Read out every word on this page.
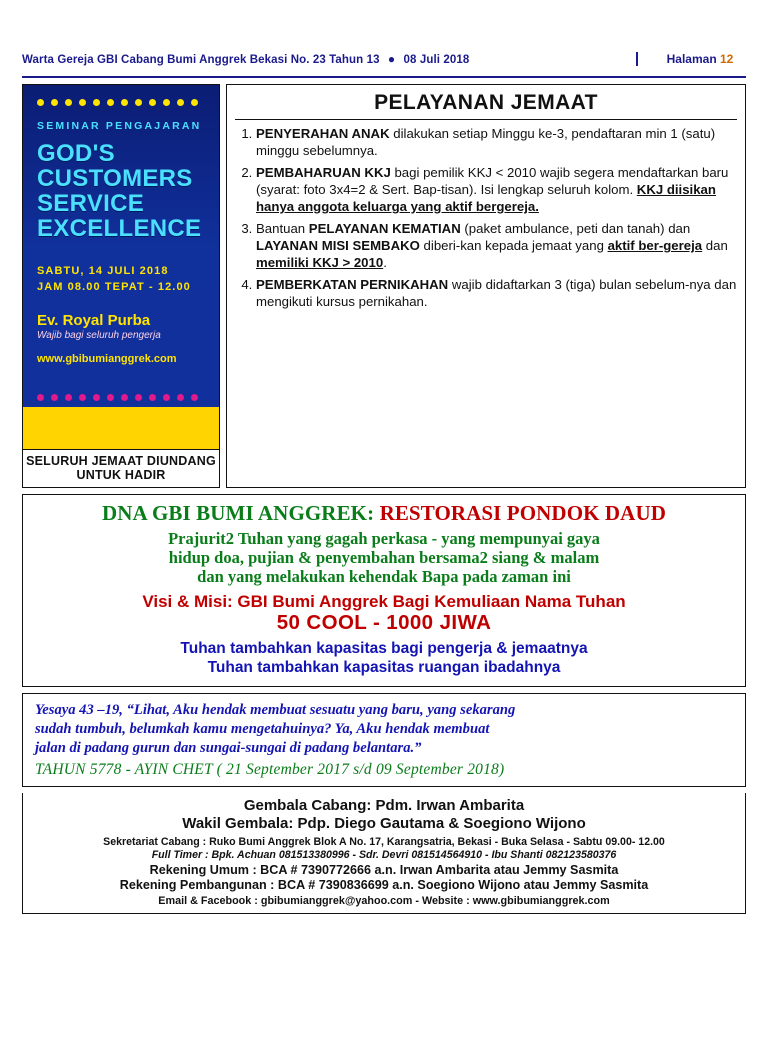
Warta Gereja GBI Cabang Bumi Anggrek Bekasi No. 23 Tahun 13 ● 08 Juli 2018	Halaman 12
SEMINAR PENGAJARAN
GOD'S
CUSTOMERS
SERVICE
EXCELLENCE
SABTU, 14 JULI 2018
JAM 08.00 TEPAT - 12.00
Ev. Royal Purba
Wajib bagi seluruh pengerja
www.gbibumianggrek.com
SELURUH JEMAAT DIUNDANG UNTUK HADIR
PELAYANAN JEMAAT
1. PENYERAHAN ANAK dilakukan setiap Minggu ke-3, pendaftaran min 1 (satu) minggu sebelumnya.
2. PEMBAHARUAN KKJ bagi pemilik KKJ < 2010 wajib segera mendaftarkan baru (syarat: foto 3x4=2 & Sert. Bap-tisan). Isi lengkap seluruh kolom. KKJ diisikan hanya anggota keluarga yang aktif bergereja.
3. Bantuan PELAYANAN KEMATIAN (paket ambulance, peti dan tanah) dan LAYANAN MISI SEMBAKO diberi-kan kepada jemaat yang aktif ber-gereja dan memiliki KKJ > 2010.
4. PEMBERKATAN PERNIKAHAN wajib didaftarkan 3 (tiga) bulan sebelum-nya dan mengikuti kursus pernikahan.
DNA GBI BUMI ANGGREK: RESTORASI PONDOK DAUD
Prajurit2 Tuhan yang gagah perkasa - yang mempunyai gaya
hidup doa, pujian & penyembahan bersama2 siang & malam
dan yang melakukan kehendak Bapa pada zaman ini
Visi & Misi: GBI Bumi Anggrek Bagi Kemuliaan Nama Tuhan
50 COOL - 1000 JIWA
Tuhan tambahkan kapasitas bagi pengerja & jemaatnya
Tuhan tambahkan kapasitas ruangan ibadahnya
Yesaya 43 –19, “Lihat, Aku hendak membuat sesuatu yang baru, yang sekarang
sudah tumbuh, belumkah kamu mengetahuinya? Ya, Aku hendak membuat
jalan di padang gurun dan sungai-sungai di padang belantara.”
TAHUN 5778 - AYIN CHET ( 21 September 2017 s/d 09 September 2018)
Gembala Cabang: Pdm. Irwan Ambarita
Wakil Gembala: Pdp. Diego Gautama & Soegiono Wijono
Sekretariat Cabang : Ruko Bumi Anggrek Blok A No. 17, Karangsatria, Bekasi - Buka Selasa - Sabtu 09.00- 12.00
Full Timer : Bpk. Achuan 081513380996 - Sdr. Devri 081514564910 - Ibu Shanti 082123580376
Rekening Umum : BCA # 7390772666 a.n. Irwan Ambarita atau Jemmy Sasmita
Rekening Pembangunan : BCA # 7390836699 a.n. Soegiono Wijono atau Jemmy Sasmita
Email & Facebook : gbibumianggrek@yahoo.com - Website : www.gbibumianggrek.com
